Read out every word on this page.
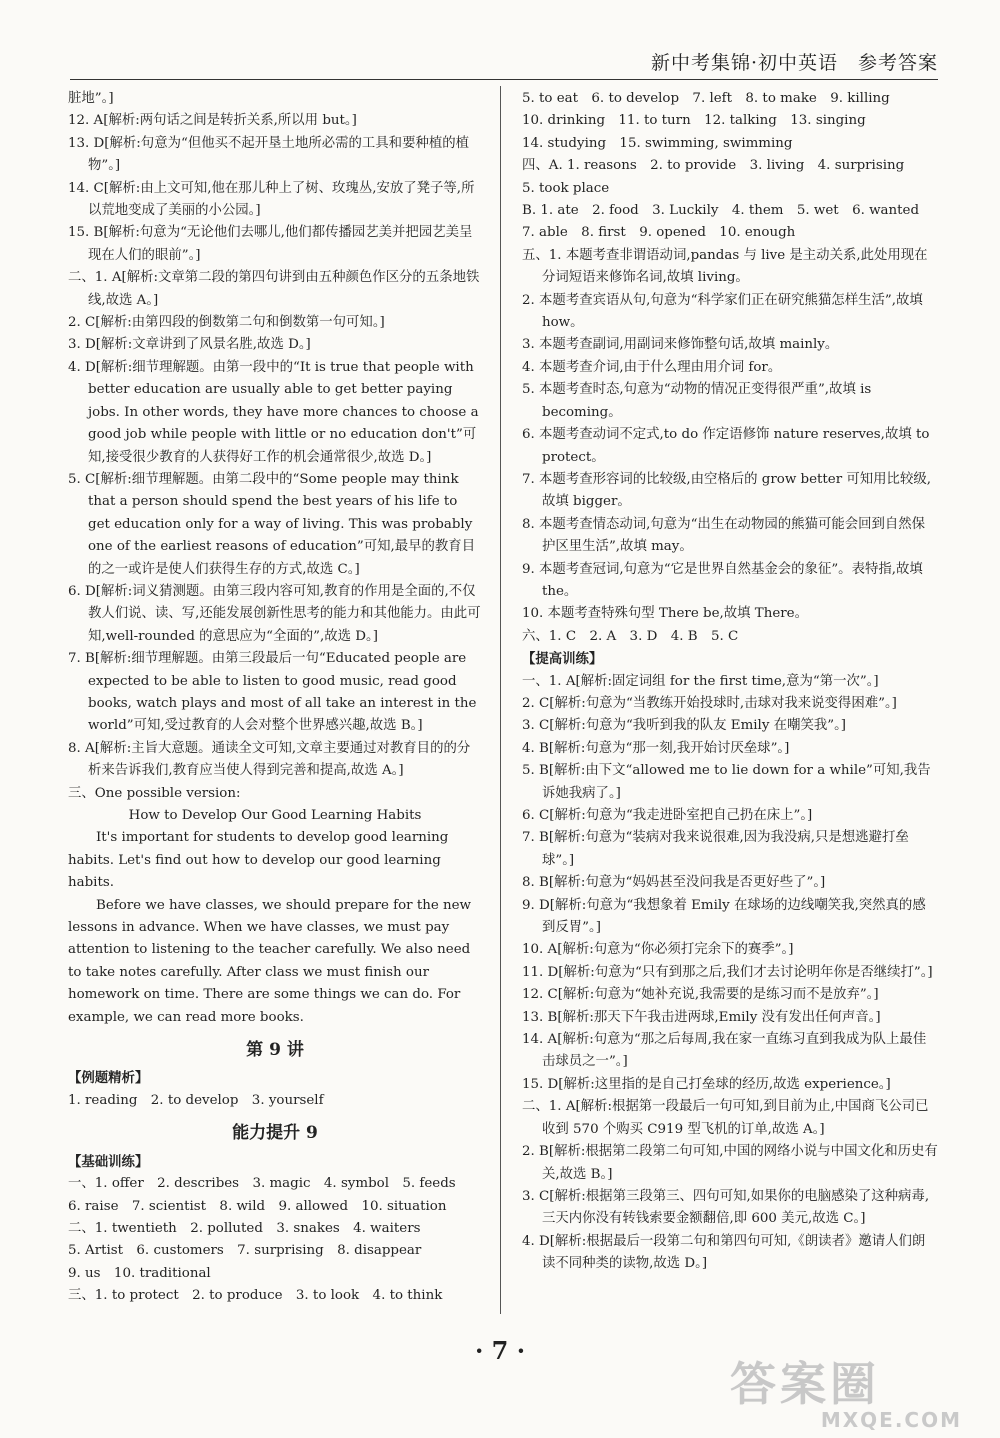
新中考集锦·初中英语　参考答案
脏地”。]
12. A[解析:两句话之间是转折关系,所以用 but。]
13. D[解析:句意为“但他买不起开垦土地所必需的工具和要种植的植物”。]
14. C[解析:由上文可知,他在那儿种上了树、玫瑰丛,安放了凳子等,所以荒地变成了美丽的小公园。]
15. B[解析:句意为“无论他们去哪儿,他们都传播园艺美并把园艺美呈现在人们的眼前”。]
二、1. A[解析:文章第二段的第四句讲到由五种颜色作区分的五条地铁线,故选 A。]
2. C[解析:由第四段的倒数第二句和倒数第一句可知。]
3. D[解析:文章讲到了风景名胜,故选 D。]
4. D[解析:细节理解题。由第一段中的“It is true that people with better education are usually able to get better paying jobs. In other words, they have more chances to choose a good job while people with little or no education don't”可知,接受很少教育的人获得好工作的机会通常很少,故选 D。]
5. C[解析:细节理解题。由第二段中的“Some people may think that a person should spend the best years of his life to get education only for a way of living. This was probably one of the earliest reasons of education”可知,最早的教育目的之一或许是使人们获得生存的方式,故选 C。]
6. D[解析:词义猜测题。由第三段内容可知,教育的作用是全面的,不仅教人们说、读、写,还能发展创新性思考的能力和其他能力。由此可知,well-rounded 的意思应为“全面的”,故选 D。]
7. B[解析:细节理解题。由第三段最后一句“Educated people are expected to be able to listen to good music, read good books, watch plays and most of all take an interest in the world”可知,受过教育的人会对整个世界感兴趣,故选 B。]
8. A[解析:主旨大意题。通读全文可知,文章主要通过对教育目的的分析来告诉我们,教育应当使人得到完善和提高,故选 A。]
三、One possible version:
How to Develop Our Good Learning Habits
It's important for students to develop good learning habits. Let's find out how to develop our good learning habits.
Before we have classes, we should prepare for the new lessons in advance. When we have classes, we must pay attention to listening to the teacher carefully. We also need to take notes carefully. After class we must finish our homework on time. There are some things we can do. For example, we can read more books.
第 9 讲
【例题精析】
1. reading　2. to develop　3. yourself
能力提升 9
【基础训练】
一、1. offer　2. describes　3. magic　4. symbol　5. feeds
6. raise　7. scientist　8. wild　9. allowed　10. situation
二、1. twentieth　2. polluted　3. snakes　4. waiters
5. Artist　6. customers　7. surprising　8. disappear
9. us　10. traditional
三、1. to protect　2. to produce　3. to look　4. to think
5. to eat　6. to develop　7. left　8. to make　9. killing
10. drinking　11. to turn　12. talking　13. singing
14. studying　15. swimming, swimming
四、A. 1. reasons　2. to provide　3. living　4. surprising
5. took place
B. 1. ate　2. food　3. Luckily　4. them　5. wet　6. wanted
7. able　8. first　9. opened　10. enough
五、1. 本题考查非谓语动词,pandas 与 live 是主动关系,此处用现在分词短语来修饰名词,故填 living。
2. 本题考查宾语从句,句意为“科学家们正在研究熊猫怎样生活”,故填 how。
3. 本题考查副词,用副词来修饰整句话,故填 mainly。
4. 本题考查介词,由于什么理由用介词 for。
5. 本题考查时态,句意为“动物的情况正变得很严重”,故填 is becoming。
6. 本题考查动词不定式,to do 作定语修饰 nature reserves,故填 to protect。
7. 本题考查形容词的比较级,由空格后的 grow better 可知用比较级,故填 bigger。
8. 本题考查情态动词,句意为“出生在动物园的熊猫可能会回到自然保护区里生活”,故填 may。
9. 本题考查冠词,句意为“它是世界自然基金会的象征”。表特指,故填 the。
10. 本题考查特殊句型 There be,故填 There。
六、1. C　2. A　3. D　4. B　5. C
【提高训练】
一、1. A[解析:固定词组 for the first time,意为“第一次”。]
2. C[解析:句意为“当教练开始投球时,击球对我来说变得困难”。]
3. C[解析:句意为“我听到我的队友 Emily 在嘲笑我”。]
4. B[解析:句意为“那一刻,我开始讨厌垒球”。]
5. B[解析:由下文“allowed me to lie down for a while”可知,我告诉她我病了。]
6. C[解析:句意为“我走进卧室把自己扔在床上”。]
7. B[解析:句意为“装病对我来说很难,因为我没病,只是想逃避打垒球”。]
8. B[解析:句意为“妈妈甚至没问我是否更好些了”。]
9. D[解析:句意为“我想象着 Emily 在球场的边线嘲笑我,突然真的感到反胃”。]
10. A[解析:句意为“你必须打完余下的赛季”。]
11. D[解析:句意为“只有到那之后,我们才去讨论明年你是否继续打”。]
12. C[解析:句意为“她补充说,我需要的是练习而不是放弃”。]
13. B[解析:那天下午我击进两球,Emily 没有发出任何声音。]
14. A[解析:句意为“那之后每周,我在家一直练习直到我成为队上最佳击球员之一”。]
15. D[解析:这里指的是自己打垒球的经历,故选 experience。]
二、1. A[解析:根据第一段最后一句可知,到目前为止,中国商飞公司已收到 570 个购买 C919 型飞机的订单,故选 A。]
2. B[解析:根据第二段第二句可知,中国的网络小说与中国文化和历史有关,故选 B。]
3. C[解析:根据第三段第三、四句可知,如果你的电脑感染了这种病毒,三天内你没有转钱索要金额翻倍,即 600 美元,故选 C。]
4. D[解析:根据最后一段第二句和第四句可知,《朗读者》邀请人们朗读不同种类的读物,故选 D。]
· 7 ·
答案圈
MXQE.COM
